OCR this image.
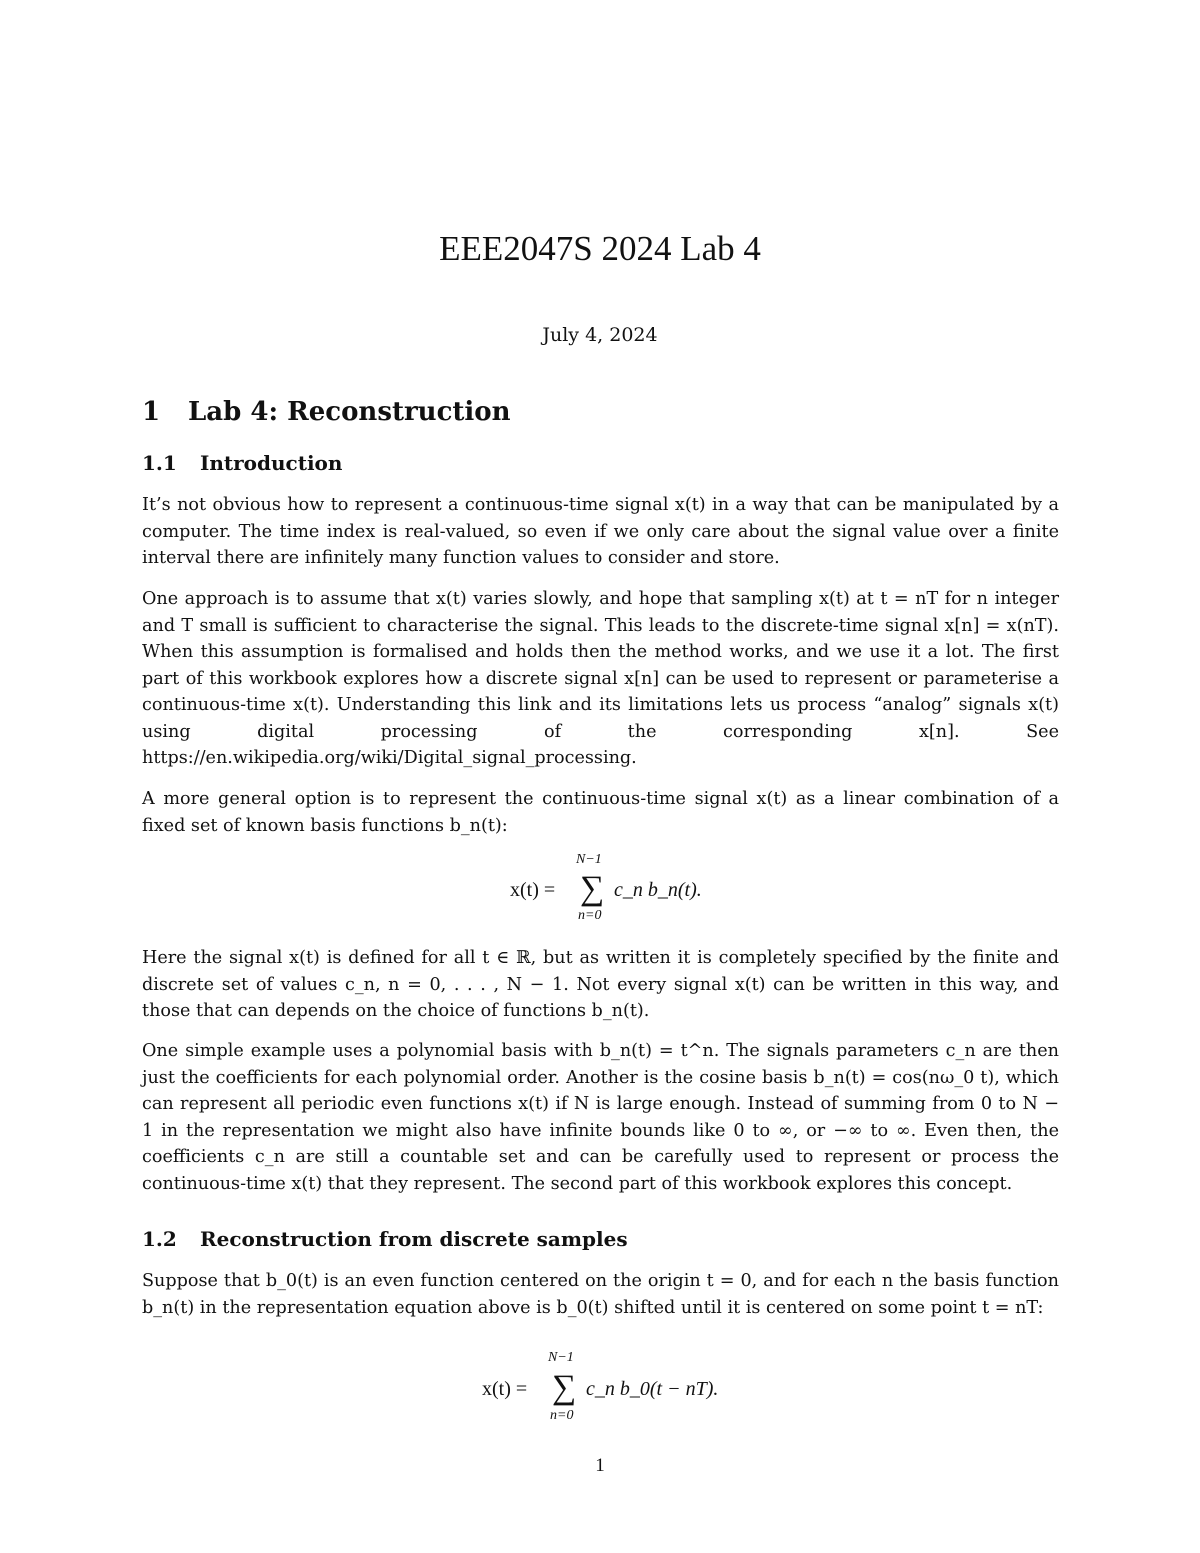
EEE2047S 2024 Lab 4
July 4, 2024
1 Lab 4: Reconstruction
1.1 Introduction

It’s not obvious how to represent a continuous-time signal x(t) in a way that can be manipulated by a computer. The time index is real-valued, so even if we only care about the signal value over a finite interval there are infinitely many function values to consider and store.

One approach is to assume that x(t) varies slowly, and hope that sampling x(t) at t = nT for n integer and T small is sufficient to characterise the signal. This leads to the discrete-time signal x[n] = x(nT). When this assumption is formalised and holds then the method works, and we use it a lot. The first part of this workbook explores how a discrete signal x[n] can be used to represent or parameterise a continuous-time x(t). Understanding this link and its limitations lets us process “analog” signals x(t) using digital processing of the corresponding x[n]. See https://en.wikipedia.org/wiki/Digital_signal_processing.

A more general option is to represent the continuous-time signal x(t) as a linear combination of a fixed set of known basis functions b_n(t):

N−1
x(t) = ∑ c_n b_n(t).
n=0

Here the signal x(t) is defined for all t ∈ ℝ, but as written it is completely specified by the finite and discrete set of values c_n, n = 0, . . . , N − 1. Not every signal x(t) can be written in this way, and those that can depends on the choice of functions b_n(t).

One simple example uses a polynomial basis with b_n(t) = t^n. The signals parameters c_n are then just the coefficients for each polynomial order. Another is the cosine basis b_n(t) = cos(nω_0 t), which can represent all periodic even functions x(t) if N is large enough. Instead of summing from 0 to N − 1 in the representation we might also have infinite bounds like 0 to ∞, or −∞ to ∞. Even then, the coefficients c_n are still a countable set and can be carefully used to represent or process the continuous-time x(t) that they represent. The second part of this workbook explores this concept.

1.2 Reconstruction from discrete samples

Suppose that b_0(t) is an even function centered on the origin t = 0, and for each n the basis function b_n(t) in the representation equation above is b_0(t) shifted until it is centered on some point t = nT:

N−1
x(t) = ∑ c_n b_0(t − nT).
n=0
1
